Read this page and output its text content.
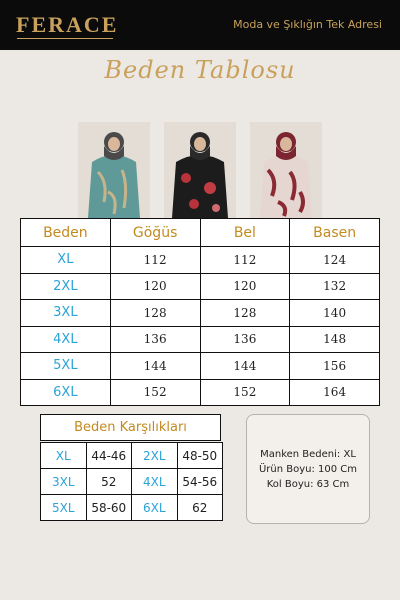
FERACE	Moda ve Şıklığın Tek Adresi
Beden Tablosu
Beden	Göğüs	Bel	Basen
XL	112	112	124
2XL	120	120	132
3XL	128	128	140
4XL	136	136	148
5XL	144	144	156
6XL	152	152	164
Beden Karşılıkları
XL	44-46	2XL	48-50
3XL	52	4XL	54-56
5XL	58-60	6XL	62
Manken Bedeni: XL
Ürün Boyu: 100 Cm
Kol Boyu: 63 Cm
